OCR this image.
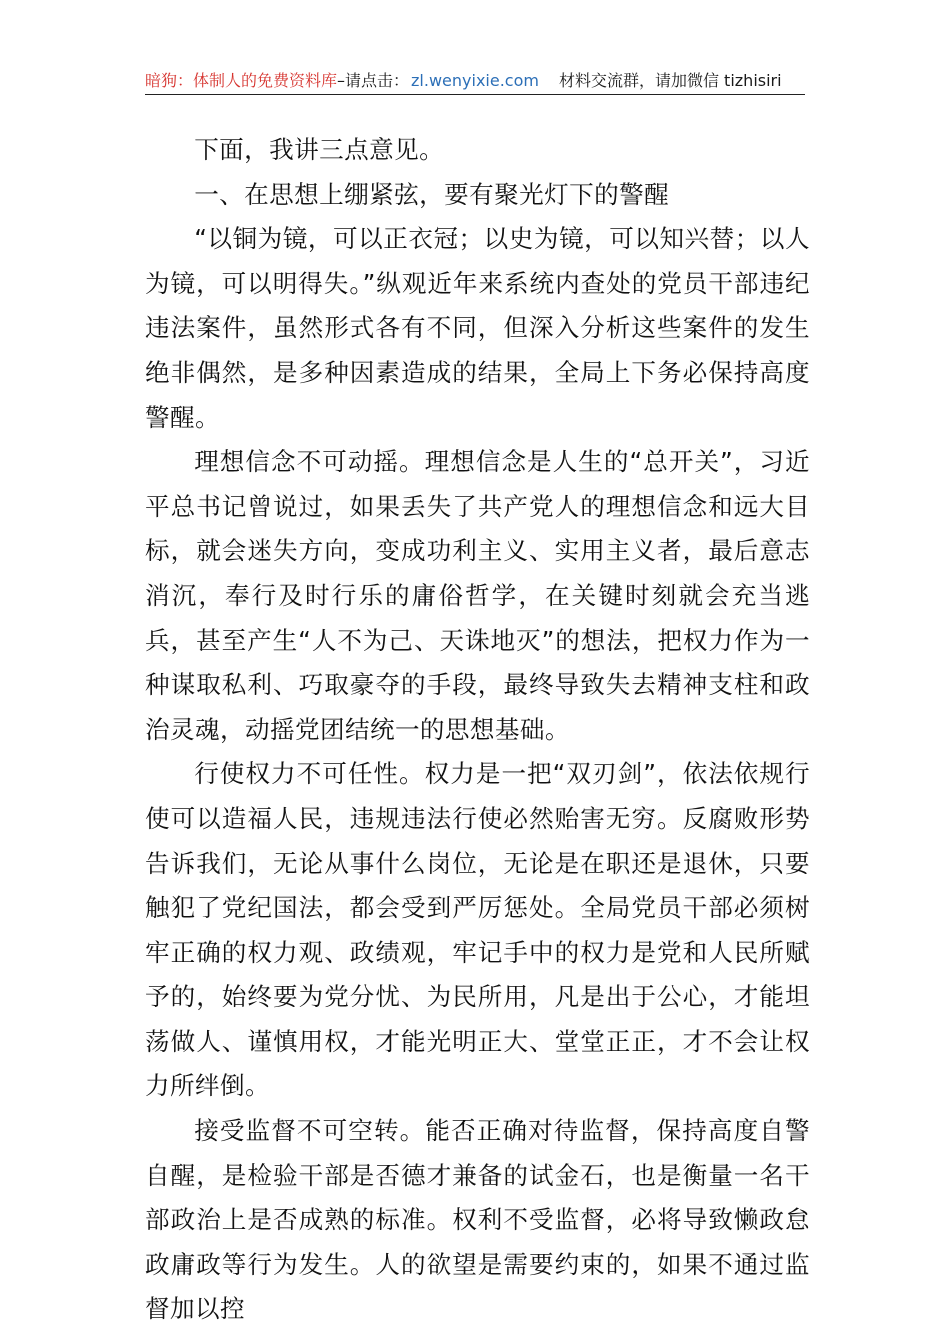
暗狗：体制人的免费资料库–请点击： zl.wenyixie.com 材料交流群，请加微信 tizhisiri

下面，我讲三点意见。

一、在思想上绷紧弦，要有聚光灯下的警醒

“以铜为镜，可以正衣冠；以史为镜，可以知兴替；以人为镜，可以明得失。”纵观近年来系统内查处的党员干部违纪违法案件，虽然形式各有不同，但深入分析这些案件的发生绝非偶然，是多种因素造成的结果，全局上下务必保持高度警醒。

理想信念不可动摇。理想信念是人生的“总开关”，习近平总书记曾说过，如果丢失了共产党人的理想信念和远大目标，就会迷失方向，变成功利主义、实用主义者，最后意志消沉，奉行及时行乐的庸俗哲学，在关键时刻就会充当逃兵，甚至产生“人不为己、天诛地灭”的想法，把权力作为一种谋取私利、巧取豪夺的手段，最终导致失去精神支柱和政治灵魂，动摇党团结统一的思想基础。

行使权力不可任性。权力是一把“双刃剑”，依法依规行使可以造福人民，违规违法行使必然贻害无穷。反腐败形势告诉我们，无论从事什么岗位，无论是在职还是退休，只要触犯了党纪国法，都会受到严厉惩处。全局党员干部必须树牢正确的权力观、政绩观，牢记手中的权力是党和人民所赋予的，始终要为党分忧、为民所用，凡是出于公心，才能坦荡做人、谨慎用权，才能光明正大、堂堂正正，才不会让权力所绊倒。

接受监督不可空转。能否正确对待监督，保持高度自警自醒，是检验干部是否德才兼备的试金石，也是衡量一名干部政治上是否成熟的标准。权利不受监督，必将导致懒政怠政庸政等行为发生。人的欲望是需要约束的，如果不通过监督加以控
